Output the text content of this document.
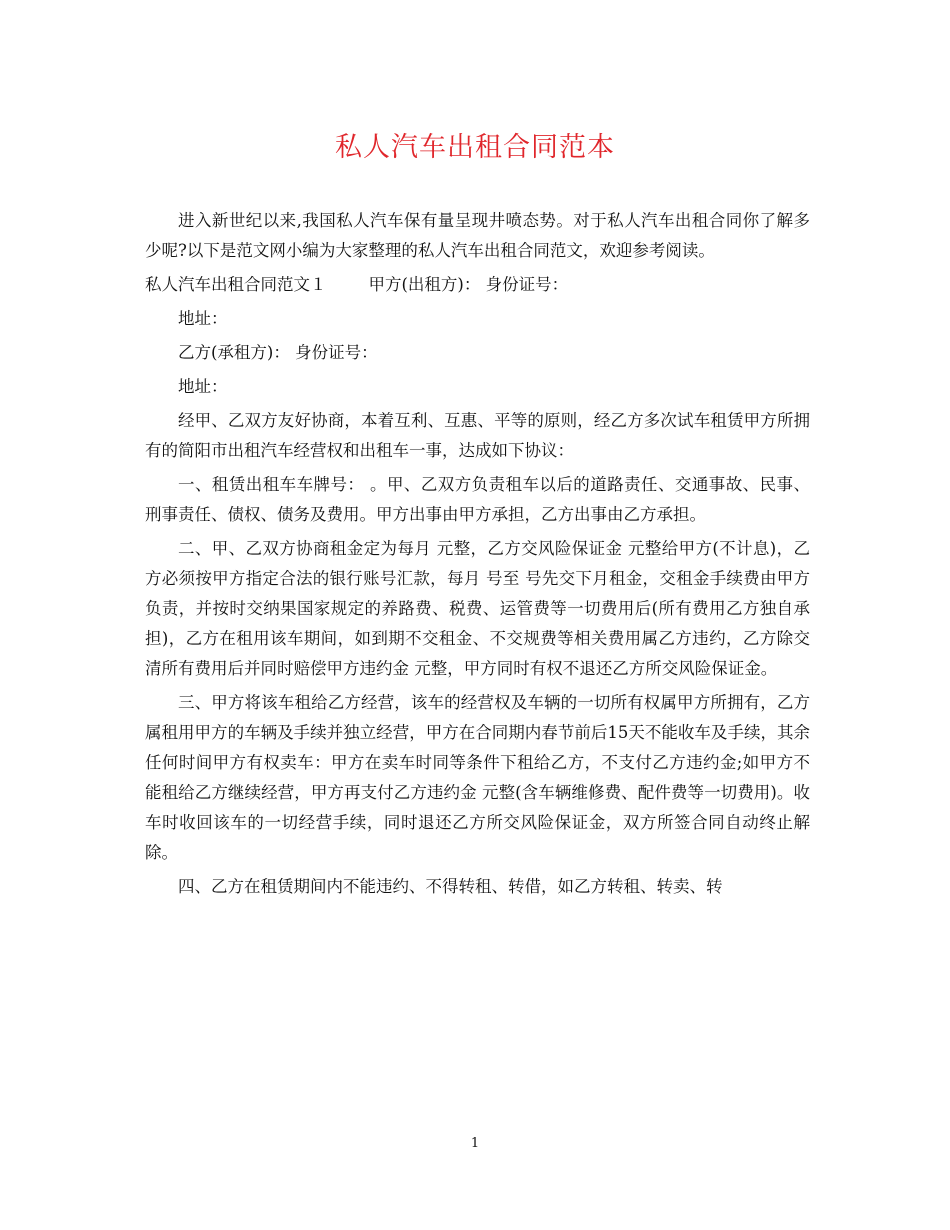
私人汽车出租合同范本

进入新世纪以来,我国私人汽车保有量呈现井喷态势。对于私人汽车出租合同你了解多少呢?以下是范文网小编为大家整理的私人汽车出租合同范文，欢迎参考阅读。

私人汽车出租合同范文１	甲方(出租方)： 身份证号：

地址：

乙方(承租方)： 身份证号：

地址：

经甲、乙双方友好协商，本着互利、互惠、平等的原则，经乙方多次试车租赁甲方所拥有的简阳市出租汽车经营权和出租车一事，达成如下协议：

一、租赁出租车车牌号： 。甲、乙双方负责租车以后的道路责任、交通事故、民事、刑事责任、债权、债务及费用。甲方出事由甲方承担，乙方出事由乙方承担。

二、甲、乙双方协商租金定为每月 元整，乙方交风险保证金 元整给甲方(不计息)，乙方必须按甲方指定合法的银行账号汇款，每月 号至 号先交下月租金，交租金手续费由甲方负责，并按时交纳果国家规定的养路费、税费、运管费等一切费用后(所有费用乙方独自承担)，乙方在租用该车期间，如到期不交租金、不交规费等相关费用属乙方违约，乙方除交清所有费用后并同时赔偿甲方违约金 元整，甲方同时有权不退还乙方所交风险保证金。

三、甲方将该车租给乙方经营，该车的经营权及车辆的一切所有权属甲方所拥有，乙方属租用甲方的车辆及手续并独立经营，甲方在合同期内春节前后15天不能收车及手续，其余任何时间甲方有权卖车：甲方在卖车时同等条件下租给乙方，不支付乙方违约金;如甲方不能租给乙方继续经营，甲方再支付乙方违约金 元整(含车辆维修费、配件费等一切费用)。收车时收回该车的一切经营手续，同时退还乙方所交风险保证金，双方所签合同自动终止解除。

四、乙方在租赁期间内不能违约、不得转租、转借，如乙方转租、转卖、转

1
